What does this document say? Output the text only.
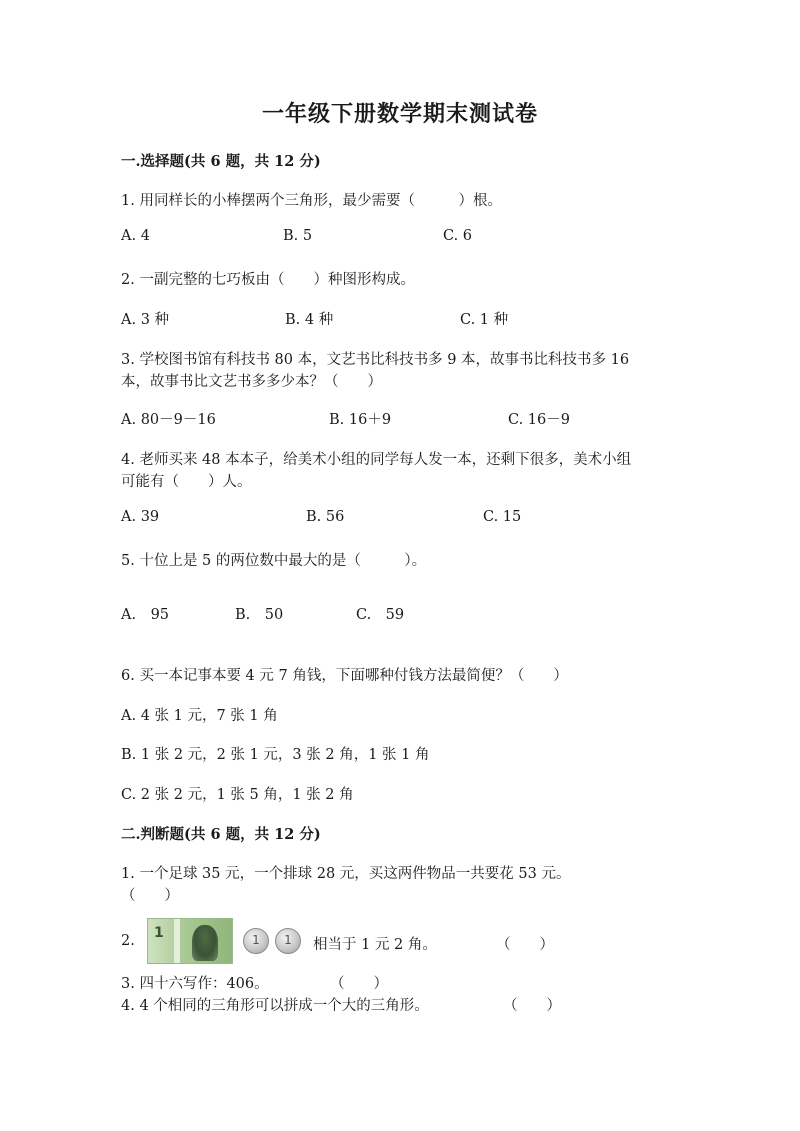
一年级下册数学期末测试卷
一.选择题(共 6 题，共 12 分)
1. 用同样长的小棒摆两个三角形，最少需要（　　　）根。
A. 4	B. 5	C. 6
2. 一副完整的七巧板由（　　）种图形构成。
A. 3 种	B. 4 种	C. 1 种
3. 学校图书馆有科技书 80 本，文艺书比科技书多 9 本，故事书比科技书多 16
本，故事书比文艺书多多少本？（　　）
A. 80－9－16	B. 16＋9	C. 16－9
4. 老师买来 48 本本子，给美术小组的同学每人发一本，还剩下很多，美术小组
可能有（　　）人。
A. 39	B. 56	C. 15
5. 十位上是 5 的两位数中最大的是（　　　）。
A.　95	B.　50	C.　59
6. 买一本记事本要 4 元 7 角钱，下面哪种付钱方法最简便？（　　）
A. 4 张 1 元，7 张 1 角
B. 1 张 2 元，2 张 1 元，3 张 2 角，1 张 1 角
C. 2 张 2 元，1 张 5 角，1 张 2 角
二.判断题(共 6 题，共 12 分)
1. 一个足球 35 元，一个排球 28 元，买这两件物品一共要花 53 元。
（　　）
2. 1	1	1	相当于 1 元 2 角。	（　　）
3. 四十六写作：406。	（　　）
4. 4 个相同的三角形可以拼成一个大的三角形。	（　　）
